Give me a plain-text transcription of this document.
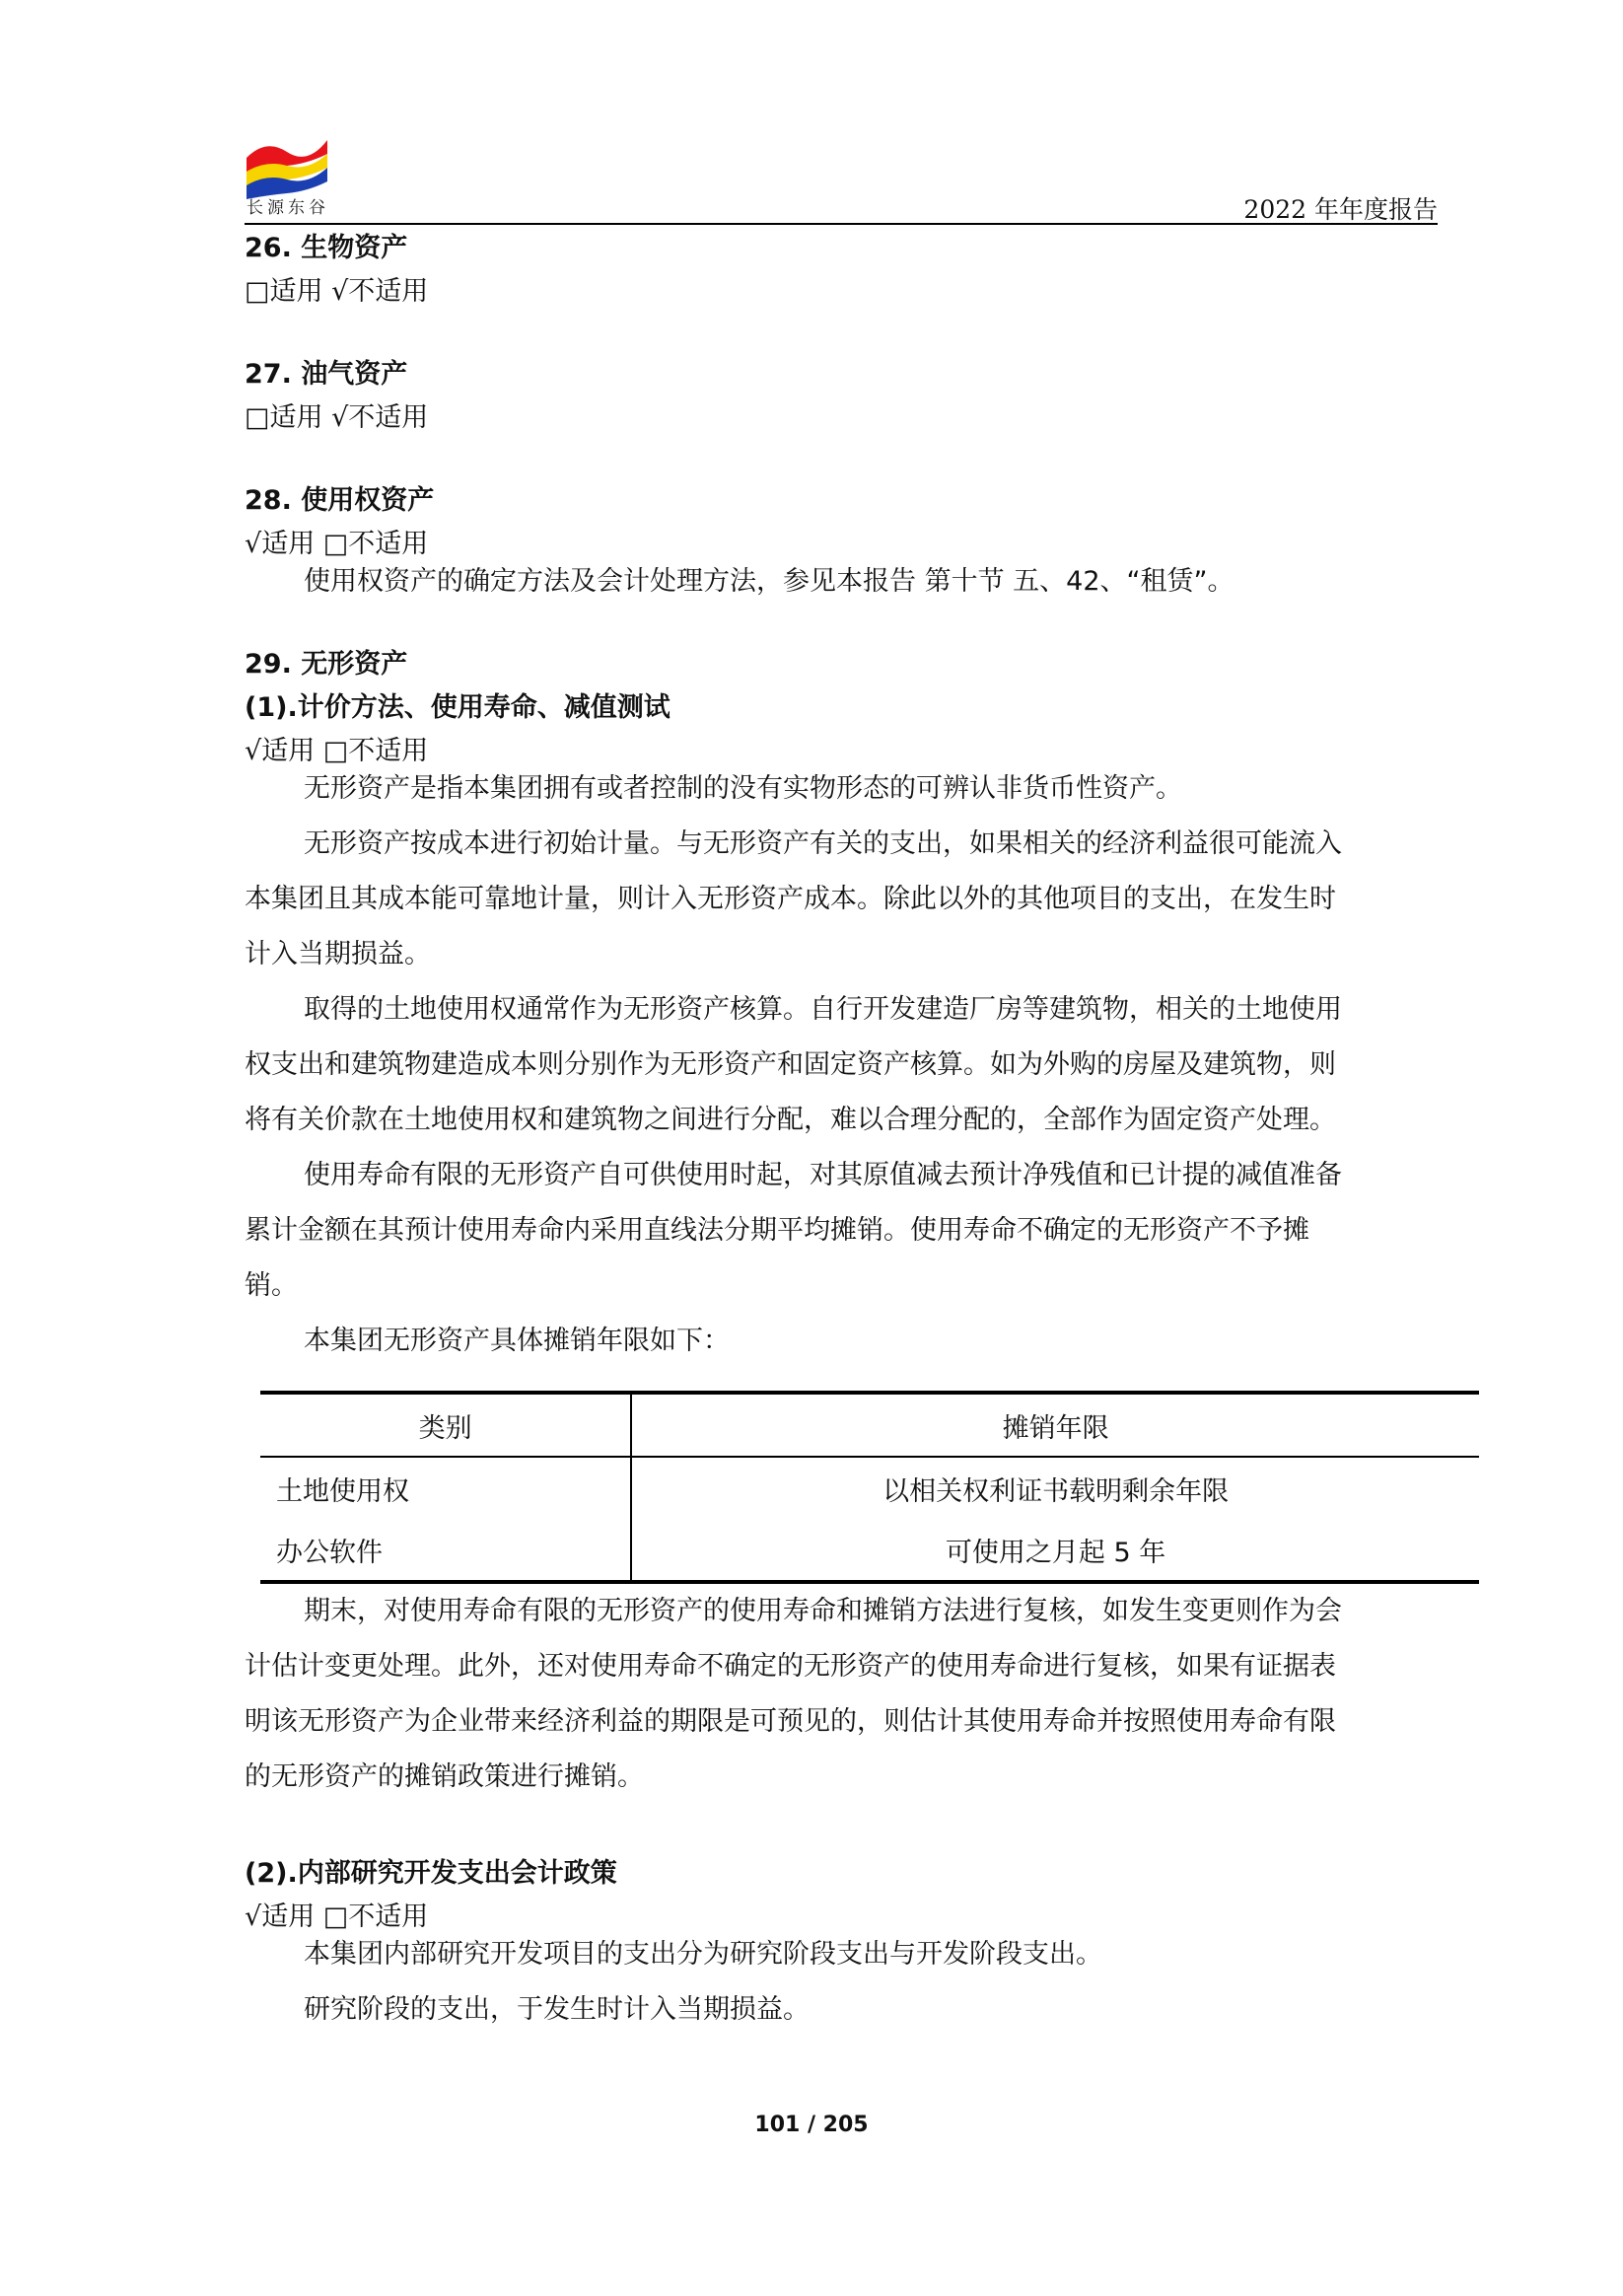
长源东谷	2022 年年度报告
26. 生物资产
□适用 √不适用
27. 油气资产
□适用 √不适用
28. 使用权资产
√适用 □不适用
使用权资产的确定方法及会计处理方法，参见本报告 第十节 五、42、“租赁”。
29. 无形资产
(1).计价方法、使用寿命、减值测试
√适用 □不适用
无形资产是指本集团拥有或者控制的没有实物形态的可辨认非货币性资产。
无形资产按成本进行初始计量。与无形资产有关的支出，如果相关的经济利益很可能流入
本集团且其成本能可靠地计量，则计入无形资产成本。除此以外的其他项目的支出，在发生时
计入当期损益。
取得的土地使用权通常作为无形资产核算。自行开发建造厂房等建筑物，相关的土地使用
权支出和建筑物建造成本则分别作为无形资产和固定资产核算。如为外购的房屋及建筑物，则
将有关价款在土地使用权和建筑物之间进行分配，难以合理分配的，全部作为固定资产处理。
使用寿命有限的无形资产自可供使用时起，对其原值减去预计净残值和已计提的减值准备
累计金额在其预计使用寿命内采用直线法分期平均摊销。使用寿命不确定的无形资产不予摊
销。
本集团无形资产具体摊销年限如下：
期末，对使用寿命有限的无形资产的使用寿命和摊销方法进行复核，如发生变更则作为会
计估计变更处理。此外，还对使用寿命不确定的无形资产的使用寿命进行复核，如果有证据表
明该无形资产为企业带来经济利益的期限是可预见的，则估计其使用寿命并按照使用寿命有限
的无形资产的摊销政策进行摊销。
(2).内部研究开发支出会计政策
√适用 □不适用
本集团内部研究开发项目的支出分为研究阶段支出与开发阶段支出。
研究阶段的支出，于发生时计入当期损益。
类别	摊销年限
土地使用权	以相关权利证书载明剩余年限
办公软件	可使用之月起 5 年
101 / 205
